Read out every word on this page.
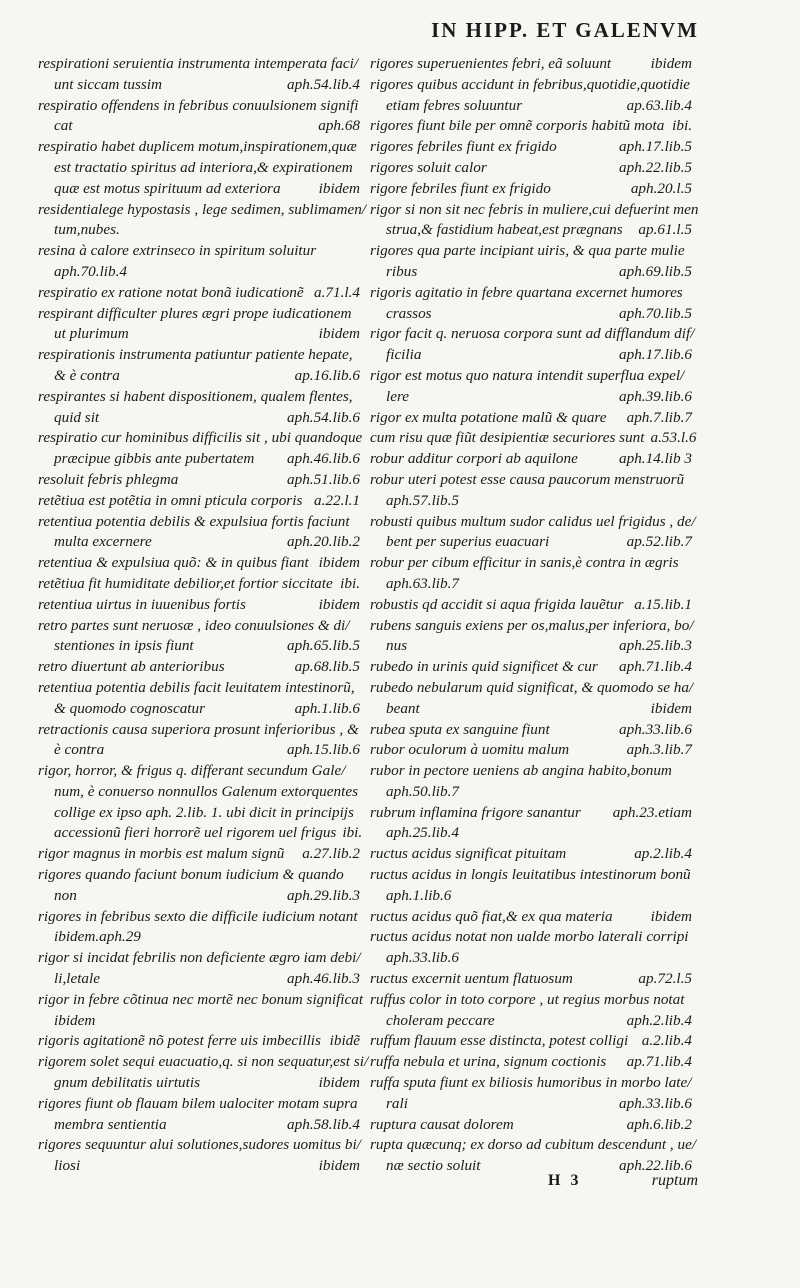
IN HIPP. ET GALENVM
respirationi seruientia instrumenta intemperata faci/
unt siccam tussim	aph.54.lib.4
respiratio offendens in febribus conuulsionem signifi
cat	aph.68
respiratio habet duplicem motum,inspirationem,quæ
est tractatio spiritus ad interiora,& expirationem
quæ est motus spirituum ad exteriora	ibidem
residentialege hypostasis , lege sedimen, sublimamen/
tum,nubes.
resina à calore extrinseco in spiritum soluitur
aph.70.lib.4
respiratio ex ratione notat bonã iudicationẽ a.71.l.4
respirant difficulter plures ægri prope iudicationem
ut plurimum	ibidem
respirationis instrumenta patiuntur patiente hepate,
& è contra	ap.16.lib.6
respirantes si habent dispositionem, qualem flentes,
quid sit	aph.54.lib.6
respiratio cur hominibus difficilis sit , ubi quandoque
præcipue gibbis ante pubertatem	aph.46.lib.6
resoluit febris phlegma	aph.51.lib.6
retẽtiua est potẽtia in omni pticula corporis a.22.l.1
retentiua potentia debilis & expulsiua fortis faciunt
multa excernere	aph.20.lib.2
retentiua & expulsiua quõ: & in quibus fiant ibidem
retẽtiua fit humiditate debilior,et fortior siccitate ibi.
retentiua uirtus in iuuenibus fortis	ibidem
retro partes sunt neruosæ , ideo conuulsiones & di/
stentiones in ipsis fiunt	aph.65.lib.5
retro diuertunt ab anterioribus	ap.68.lib.5
retentiua potentia debilis facit leuitatem intestinorũ,
& quomodo cognoscatur	aph.1.lib.6
retractionis causa superiora prosunt inferioribus , &
è contra	aph.15.lib.6
rigor, horror, & frigus q. differant secundum Gale/
num, è conuerso nonnullos Galenum extorquentes
collige ex ipso aph. 2.lib. 1. ubi dicit in principijs
accessionũ fieri horrorẽ uel rigorem uel frigus ibi.
rigor magnus in morbis est malum signũ	a.27.lib.2
rigores quando faciunt bonum iudicium & quando
non	aph.29.lib.3
rigores in febribus sexto die difficile iudicium notant
ibidem.aph.29
rigor si incidat febrilis non deficiente ægro iam debi/
li,letale	aph.46.lib.3
rigor in febre cõtinua nec mortẽ nec bonum significat
ibidem
rigoris agitationẽ nõ potest ferre uis imbecillis ibidẽ
rigorem solet sequi euacuatio,q. si non sequatur,est si/
gnum debilitatis uirtutis	ibidem
rigores fiunt ob flauam bilem ualociter motam supra
membra sentientia	aph.58.lib.4
rigores sequuntur alui solutiones,sudores uomitus bi/
liosi	ibidem
rigores superuenientes febri, eã soluunt	ibidem
rigores quibus accidunt in febribus,quotidie,quotidie
etiam febres soluuntur	ap.63.lib.4
rigores fiunt bile per omnẽ corporis habitũ mota ibi.
rigores febriles fiunt ex frigido	aph.17.lib.5
rigores soluit calor	aph.22.lib.5
rigore febriles fiunt ex frigido	aph.20.l.5
rigor si non sit nec febris in muliere,cui defuerint men
strua,& fastidium habeat,est prægnans	ap.61.l.5
rigores qua parte incipiant uiris, & qua parte mulie
ribus	aph.69.lib.5
rigoris agitatio in febre quartana excernet humores
crassos	aph.70.lib.5
rigor facit q. neruosa corpora sunt ad difflandum dif/
ficilia	aph.17.lib.6
rigor est motus quo natura intendit superflua expel/
lere	aph.39.lib.6
rigor ex multa potatione malũ & quare	aph.7.lib.7
cum risu quæ fiũt desipientiæ securiores sunt a.53.l.6
robur additur corpori ab aquilone	aph.14.lib 3
robur uteri potest esse causa paucorum menstruorũ
aph.57.lib.5
robusti quibus multum sudor calidus uel frigidus , de/
bent per superius euacuari	ap.52.lib.7
robur per cibum efficitur in sanis,è contra in ægris
aph.63.lib.7
robustis qd accidit si aqua frigida lauẽtur a.15.lib.1
rubens sanguis exiens per os,malus,per inferiora, bo/
nus	aph.25.lib.3
rubedo in urinis quid significet & cur	aph.71.lib.4
rubedo nebularum quid significat, & quomodo se ha/
beant	ibidem
rubea sputa ex sanguine fiunt	aph.33.lib.6
rubor oculorum à uomitu malum	aph.3.lib.7
rubor in pectore ueniens ab angina habito,bonum
aph.50.lib.7
rubrum inflamina frigore sanantur	aph.23.etiam
aph.25.lib.4
ructus acidus significat pituitam	ap.2.lib.4
ructus acidus in longis leuitatibus intestinorum bonũ
aph.1.lib.6
ructus acidus quõ fiat,& ex qua materia	ibidem
ructus acidus notat non ualde morbo laterali corripi
aph.33.lib.6
ructus excernit uentum flatuosum	ap.72.l.5
ruffus color in toto corpore , ut regius morbus notat
choleram peccare	aph.2.lib.4
ruffum flauum esse distincta, potest colligi a.2.lib.4
ruffa nebula et urina, signum coctionis	ap.71.lib.4
ruffa sputa fiunt ex biliosis humoribus in morbo late/
rali	aph.33.lib.6
ruptura causat dolorem	aph.6.lib.2
rupta quæcunq; ex dorso ad cubitum descendunt , ue/
næ sectio soluit	aph.22.lib.6
H 3	ruptum
